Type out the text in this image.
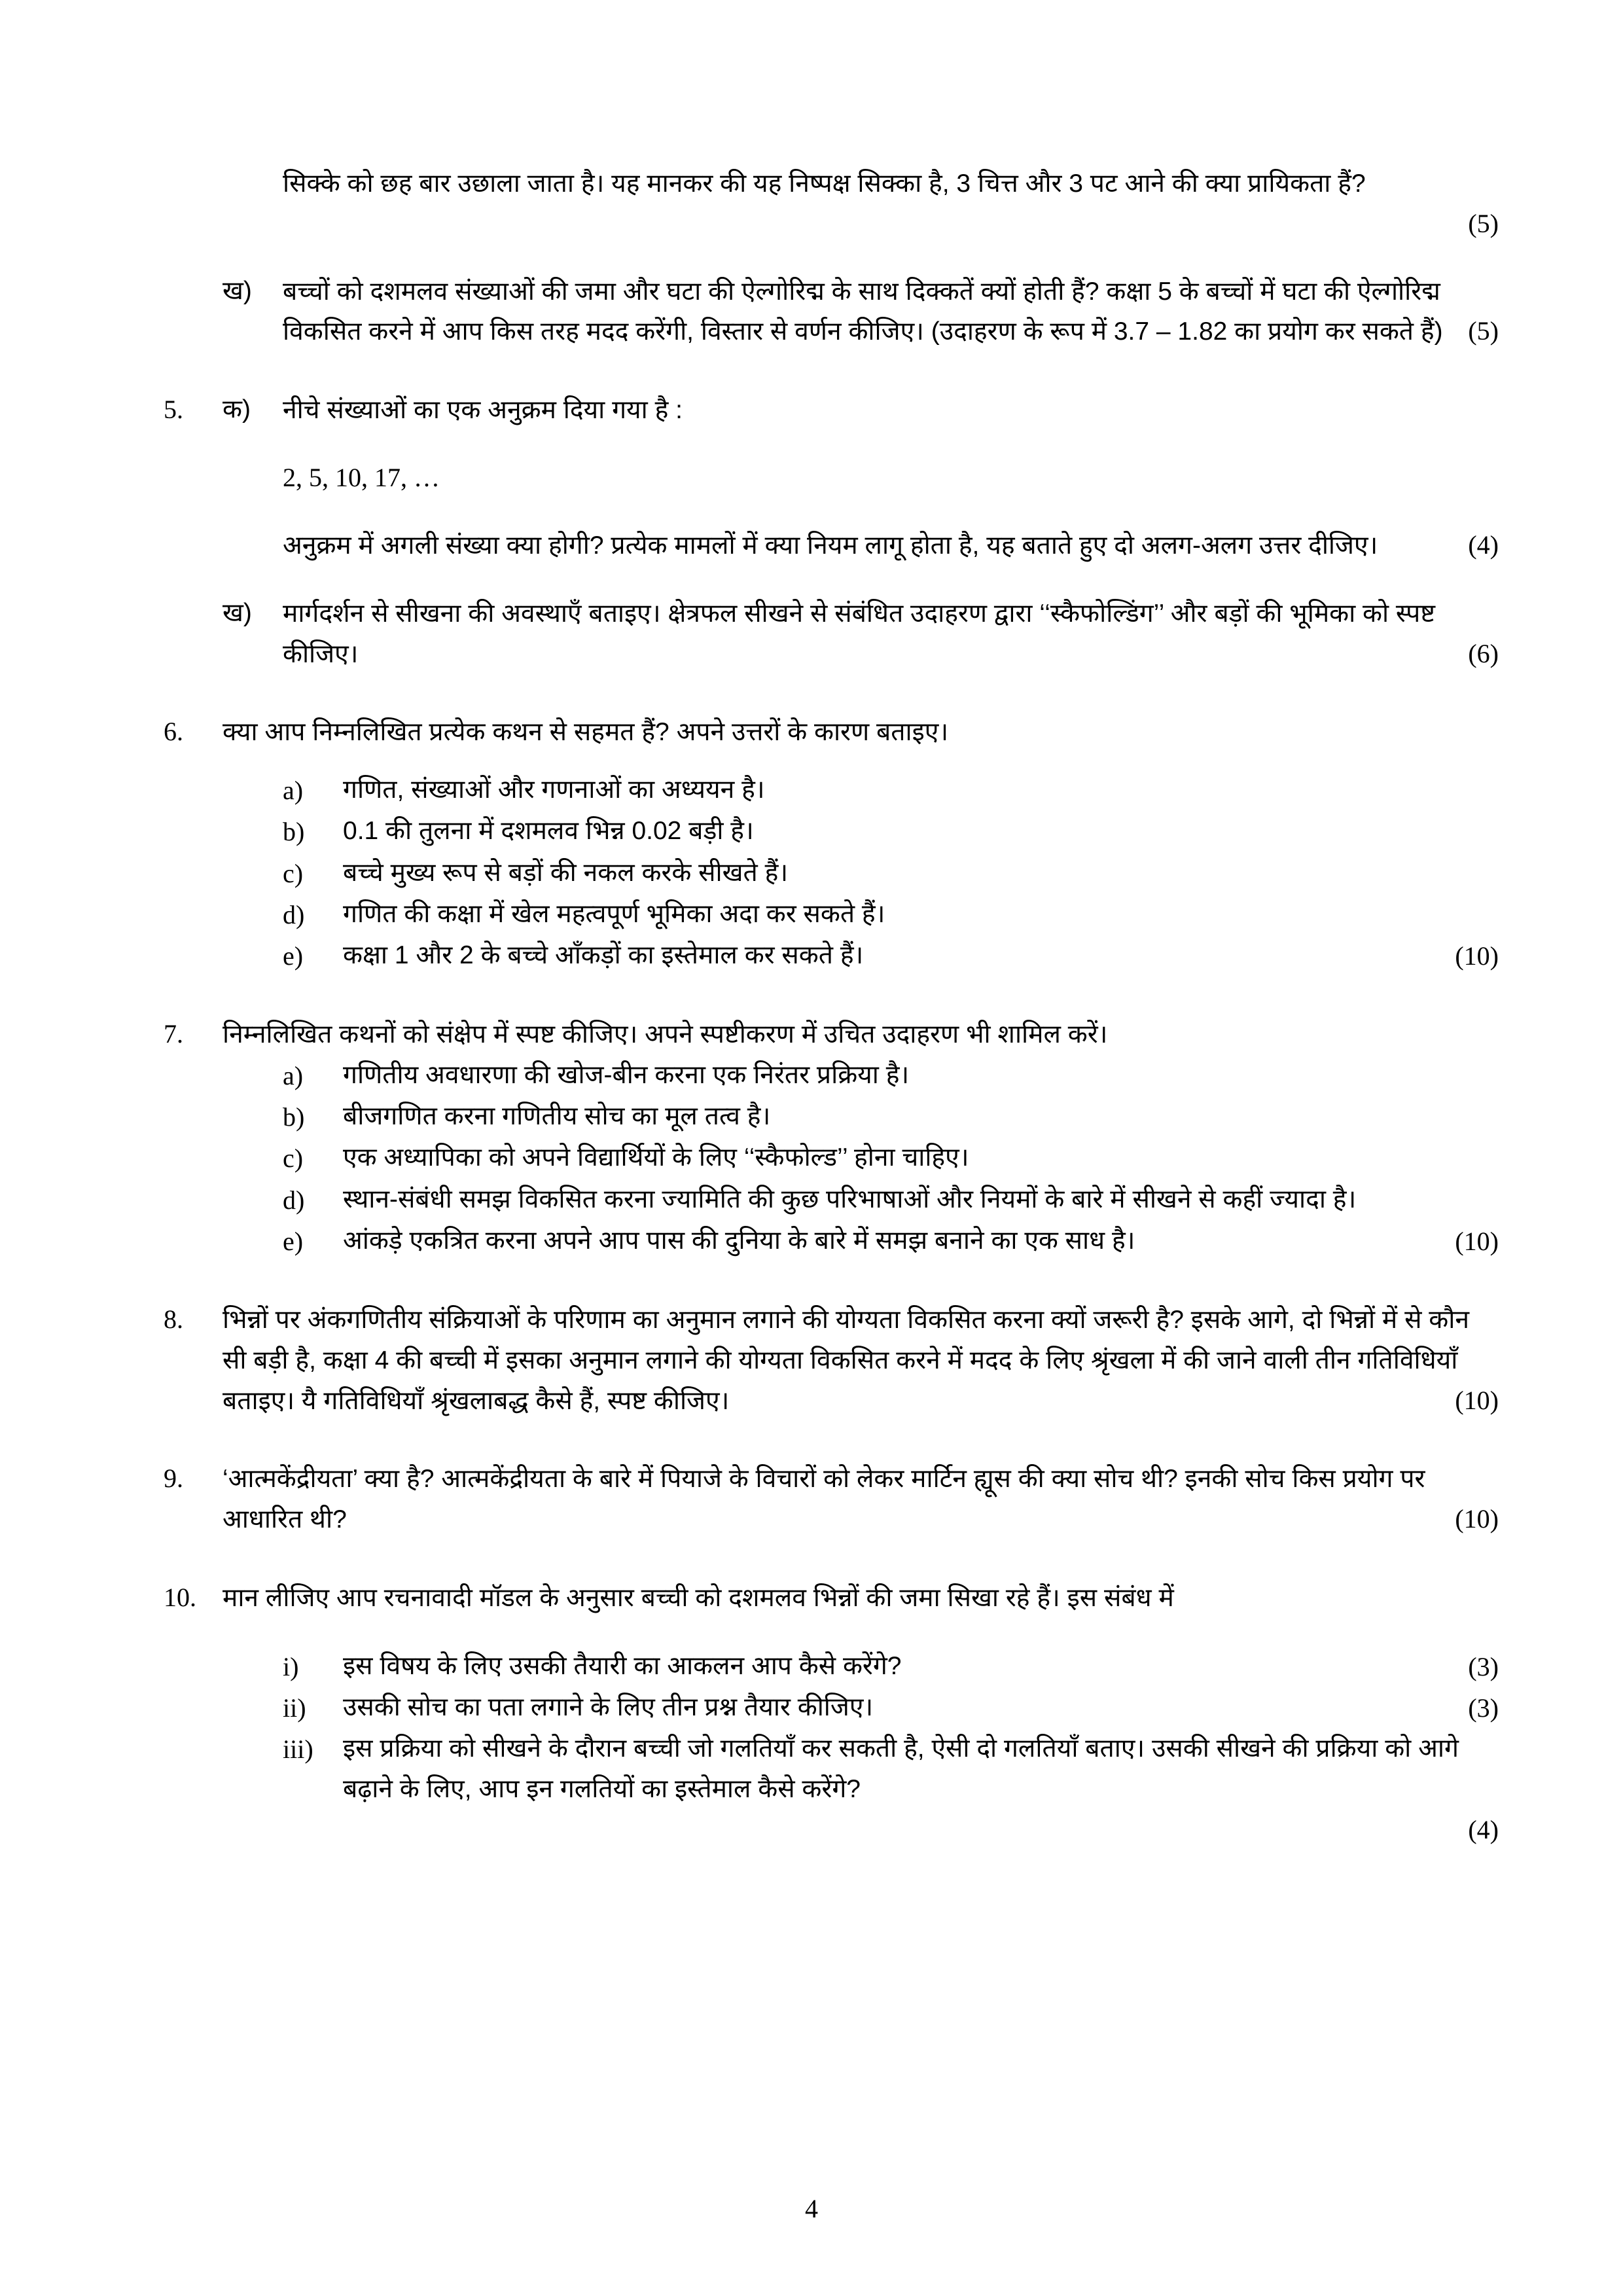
सिक्के को छह बार उछाला जाता है। यह मानकर की यह निष्पक्ष सिक्का है, 3 चित्त और 3 पट आने की क्या प्रायिकता हैं?
(5)
ख)	बच्चों को दशमलव संख्याओं की जमा और घटा की ऐल्गोरिद्म के साथ दिक्कतें क्यों होती हैं? कक्षा 5 के बच्चों में घटा की ऐल्गोरिद्म विकसित करने में आप किस तरह मदद करेंगी, विस्तार से वर्णन कीजिए। (उदाहरण के रूप में 3.7 – 1.82 का प्रयोग कर सकते हैं) (5)
5.	क)	नीचे संख्याओं का एक अनुक्रम दिया गया है :
2, 5, 10, 17, …
अनुक्रम में अगली संख्या क्या होगी? प्रत्येक मामलों में क्या नियम लागू होता है, यह बताते हुए दो अलग-अलग उत्तर दीजिए।	(4)
ख)	मार्गदर्शन से सीखना की अवस्थाएँ बताइए। क्षेत्रफल सीखने से संबंधित उदाहरण द्वारा ‘‘स्कैफोल्डिंग’’ और बड़ों की भूमिका को स्पष्ट कीजिए।	(6)
6.	क्या आप निम्नलिखित प्रत्येक कथन से सहमत हैं? अपने उत्तरों के कारण बताइए।
a)	गणित, संख्याओं और गणनाओं का अध्ययन है।
b)	0.1 की तुलना में दशमलव भिन्न 0.02 बड़ी है।
c)	बच्चे मुख्य रूप से बड़ों की नकल करके सीखते हैं।
d)	गणित की कक्षा में खेल महत्वपूर्ण भूमिका अदा कर सकते हैं।
e)	कक्षा 1 और 2 के बच्चे आँकड़ों का इस्तेमाल कर सकते हैं।	(10)
7.	निम्नलिखित कथनों को संक्षेप में स्पष्ट कीजिए। अपने स्पष्टीकरण में उचित उदाहरण भी शामिल करें।
a)	गणितीय अवधारणा की खोज-बीन करना एक निरंतर प्रक्रिया है।
b)	बीजगणित करना गणितीय सोच का मूल तत्व है।
c)	एक अध्यापिका को अपने विद्यार्थियों के लिए ‘‘स्कैफोल्ड’’ होना चाहिए।
d)	स्थान-संबंधी समझ विकसित करना ज्यामिति की कुछ परिभाषाओं और नियमों के बारे में सीखने से कहीं ज्यादा है।
e)	आंकड़े एकत्रित करना अपने आप पास की दुनिया के बारे में समझ बनाने का एक साध है।	(10)
8.	भिन्नों पर अंकगणितीय संक्रियाओं के परिणाम का अनुमान लगाने की योग्यता विकसित करना क्यों जरूरी है? इसके आगे, दो भिन्नों में से कौन सी बड़ी है, कक्षा 4 की बच्ची में इसका अनुमान लगाने की योग्यता विकसित करने में मदद के लिए श्रृंखला में की जाने वाली तीन गतिविधियाँ बताइए। यै गतिविधियाँ श्रृंखलाबद्ध कैसे हैं, स्पष्ट कीजिए।	(10)
9.	‘आत्मकेंद्रीयता’ क्या है? आत्मकेंद्रीयता के बारे में पियाजे के विचारों को लेकर मार्टिन ह्यूस की क्या सोच थी? इनकी सोच किस प्रयोग पर आधारित थी?	(10)
10.	मान लीजिए आप रचनावादी मॉडल के अनुसार बच्ची को दशमलव भिन्नों की जमा सिखा रहे हैं। इस संबंध में
i)	इस विषय के लिए उसकी तैयारी का आकलन आप कैसे करेंगे?	(3)
ii)	उसकी सोच का पता लगाने के लिए तीन प्रश्न तैयार कीजिए।	(3)
iii)	इस प्रक्रिया को सीखने के दौरान बच्ची जो गलतियाँ कर सकती है, ऐसी दो गलतियाँ बताए। उसकी सीखने की प्रक्रिया को आगे बढ़ाने के लिए, आप इन गलतियों का इस्तेमाल कैसे करेंगे?
(4)
4
